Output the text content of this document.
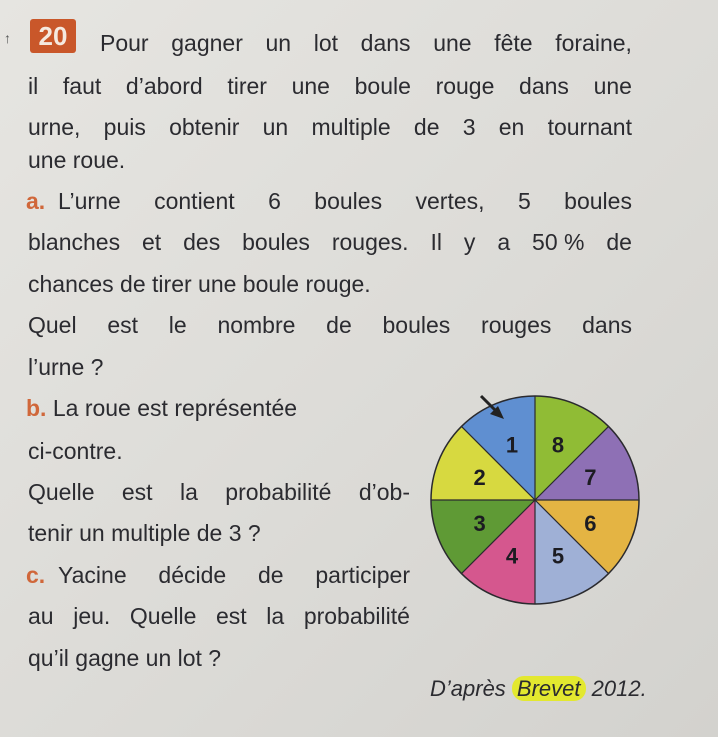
↑	20	Pour gagner un lot dans une fête foraine,
il faut d’abord tirer une boule rouge dans une
urne, puis obtenir un multiple de 3 en tournant
une roue.
a. L’urne contient 6 boules vertes, 5 boules
blanches et des boules rouges. Il y a 50 % de
chances de tirer une boule rouge.
Quel est le nombre de boules rouges dans
l’urne ?
b. La roue est représentée
ci-contre.
Quelle est la probabilité d’ob-
tenir un multiple de 3 ?
c. Yacine décide de participer
au jeu. Quelle est la probabilité
qu’il gagne un lot ?
D’après Brevet 2012.
1 8
7
6
5
4
3
2
